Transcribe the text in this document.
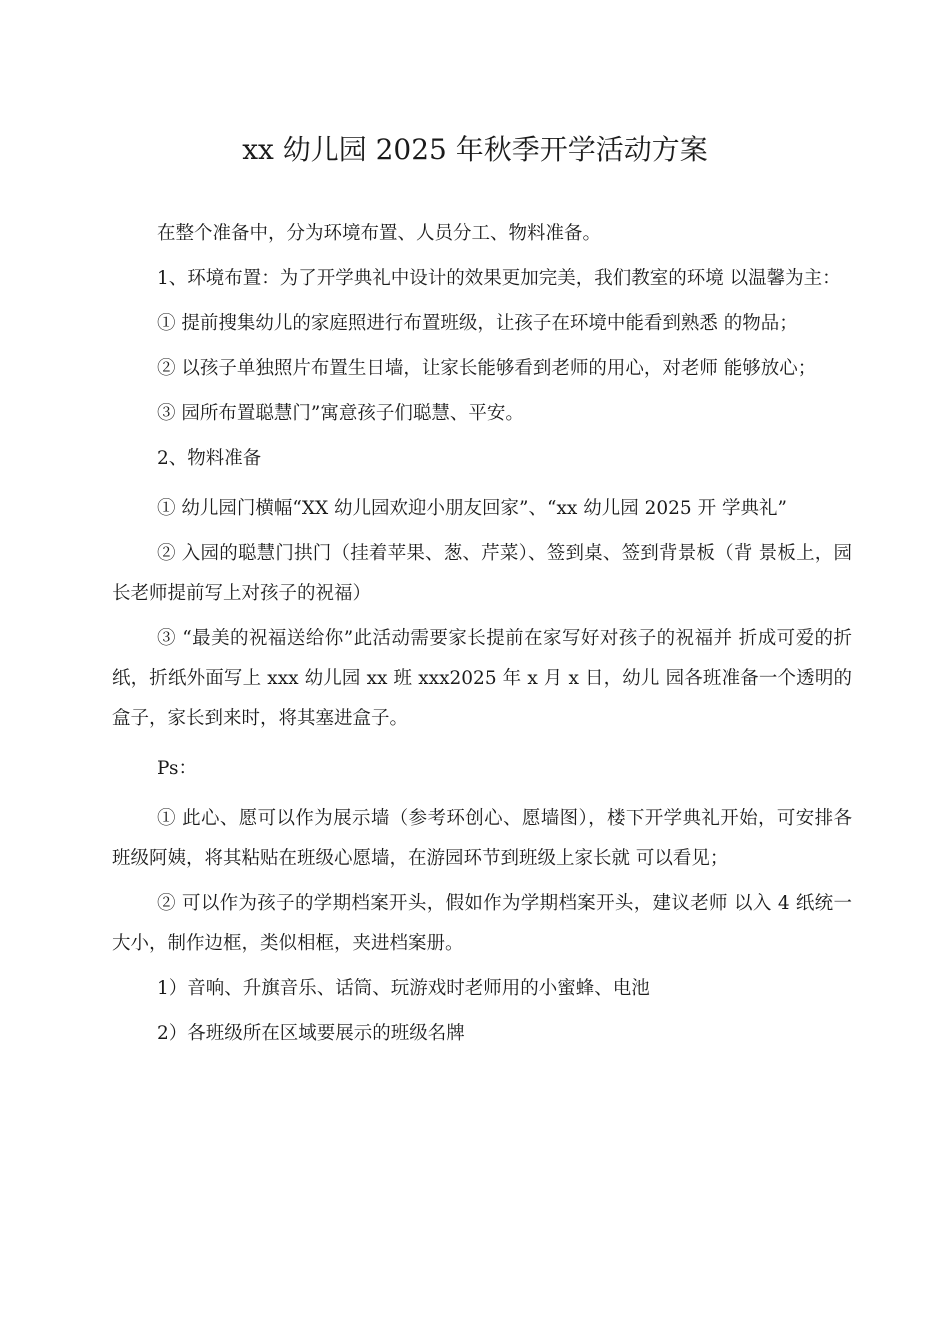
xx 幼儿园 2025 年秋季开学活动方案

在整个准备中，分为环境布置、人员分工、物料准备。

1、环境布置：为了开学典礼中设计的效果更加完美，我们教室的环境 以温馨为主：

① 提前搜集幼儿的家庭照进行布置班级，让孩子在环境中能看到熟悉 的物品；

② 以孩子单独照片布置生日墙，让家长能够看到老师的用心，对老师 能够放心；

③ 园所布置聪慧门”寓意孩子们聪慧、平安。

2、物料准备

① 幼儿园门横幅“XX 幼儿园欢迎小朋友回家”、“xx 幼儿园 2025 开 学典礼”

② 入园的聪慧门拱门（挂着苹果、葱、芹菜）、签到桌、签到背景板（背 景板上，园长老师提前写上对孩子的祝福）

③ “最美的祝福送给你”此活动需要家长提前在家写好对孩子的祝福并 折成可爱的折纸，折纸外面写上 xxx 幼儿园 xx 班 xxx2025 年 x 月 x 日，幼儿 园各班准备一个透明的盒子，家长到来时，将其塞进盒子。

Ps：

① 此心、愿可以作为展示墙（参考环创心、愿墙图），楼下开学典礼开始，可安排各班级阿姨，将其粘贴在班级心愿墙，在游园环节到班级上家长就 可以看见；

② 可以作为孩子的学期档案开头，假如作为学期档案开头，建议老师 以入 4 纸统一大小，制作边框，类似相框，夹进档案册。

1）音响、升旗音乐、话筒、玩游戏时老师用的小蜜蜂、电池

2）各班级所在区域要展示的班级名牌
